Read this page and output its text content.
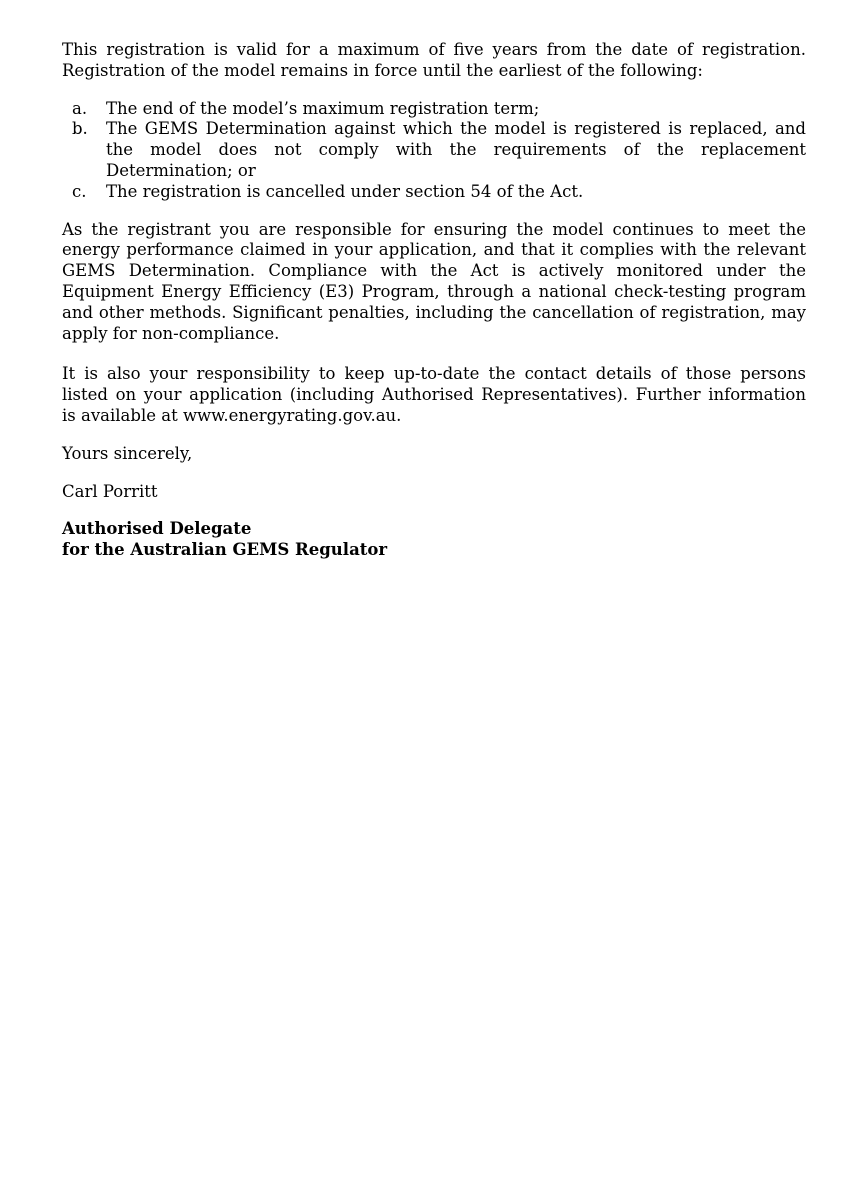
This registration is valid for a maximum of five years from the date of registration. Registration of the model remains in force until the earliest of the following:

a.	The end of the model’s maximum registration term;
b.	The GEMS Determination against which the model is registered is replaced, and the model does not comply with the requirements of the replacement Determination; or
c.	The registration is cancelled under section 54 of the Act.

As the registrant you are responsible for ensuring the model continues to meet the energy performance claimed in your application, and that it complies with the relevant GEMS Determination. Compliance with the Act is actively monitored under the Equipment Energy Efficiency (E3) Program, through a national check-testing program and other methods. Significant penalties, including the cancellation of registration, may apply for non-compliance.

It is also your responsibility to keep up-to-date the contact details of those persons listed on your application (including Authorised Representatives). Further information is available at www.energyrating.gov.au.

Yours sincerely,

Carl Porritt

Authorised Delegate
for the Australian GEMS Regulator
